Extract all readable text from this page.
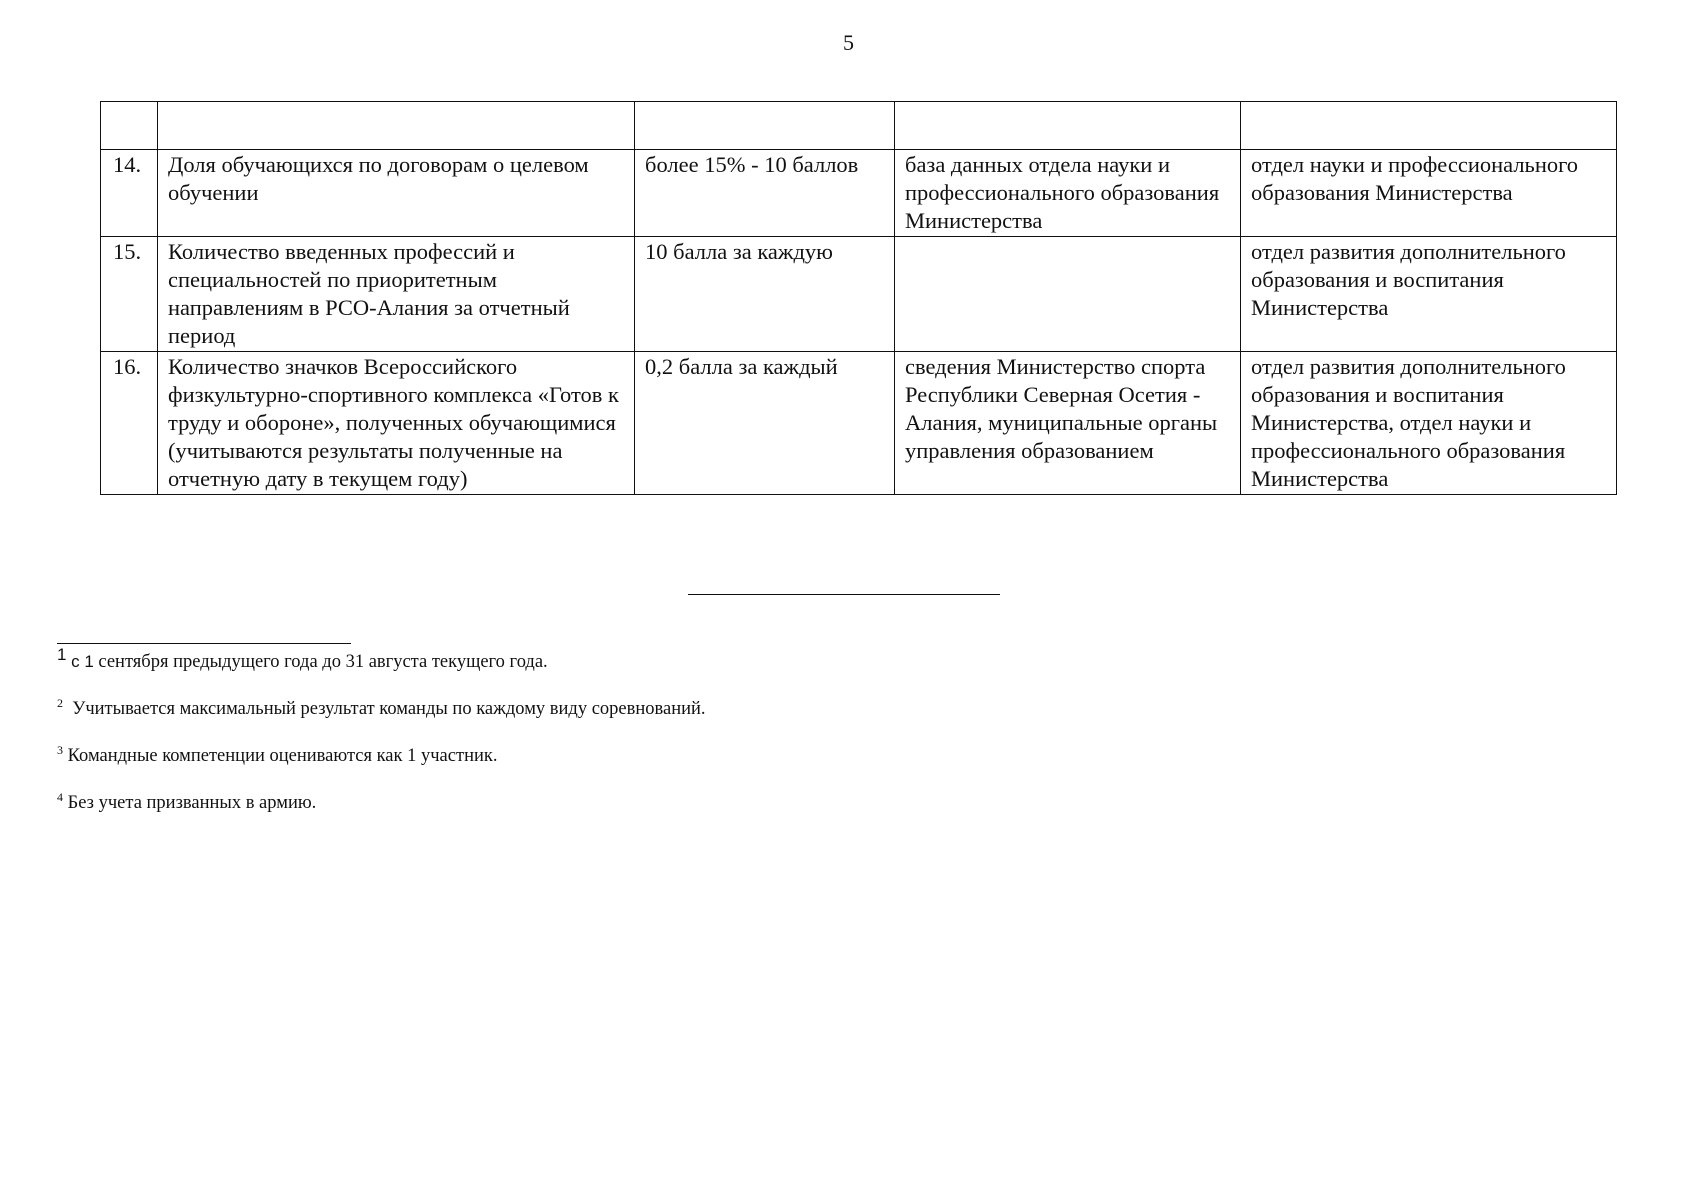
5

14.	Доля обучающихся по договорам о целевом обучении	более 15% - 10 баллов	база данных отдела науки и профессионального образования Министерства	отдел науки и профессионального образования Министерства
15.	Количество введенных профессий и специальностей по приоритетным направлениям в РСО-Алания за отчетный период	10 балла за каждую		отдел развития дополнительного образования и воспитания Министерства
16.	Количество значков Всероссийского физкультурно-спортивного комплекса «Готов к труду и обороне», полученных обучающимися (учитываются результаты полученные на отчетную дату в текущем году)	0,2 балла за каждый	сведения Министерство спорта Республики Северная Осетия - Алания, муниципальные органы управления образованием	отдел развития дополнительного образования и воспитания Министерства, отдел науки и профессионального образования Министерства
$^1$ с 1 сентября предыдущего года до 31 августа текущего года.
$^2$  Учитывается максимальный результат команды по каждому виду соревнований.
$^3$ Командные компетенции оцениваются как 1 участник.
$^4$ Без учета призванных в армию.
